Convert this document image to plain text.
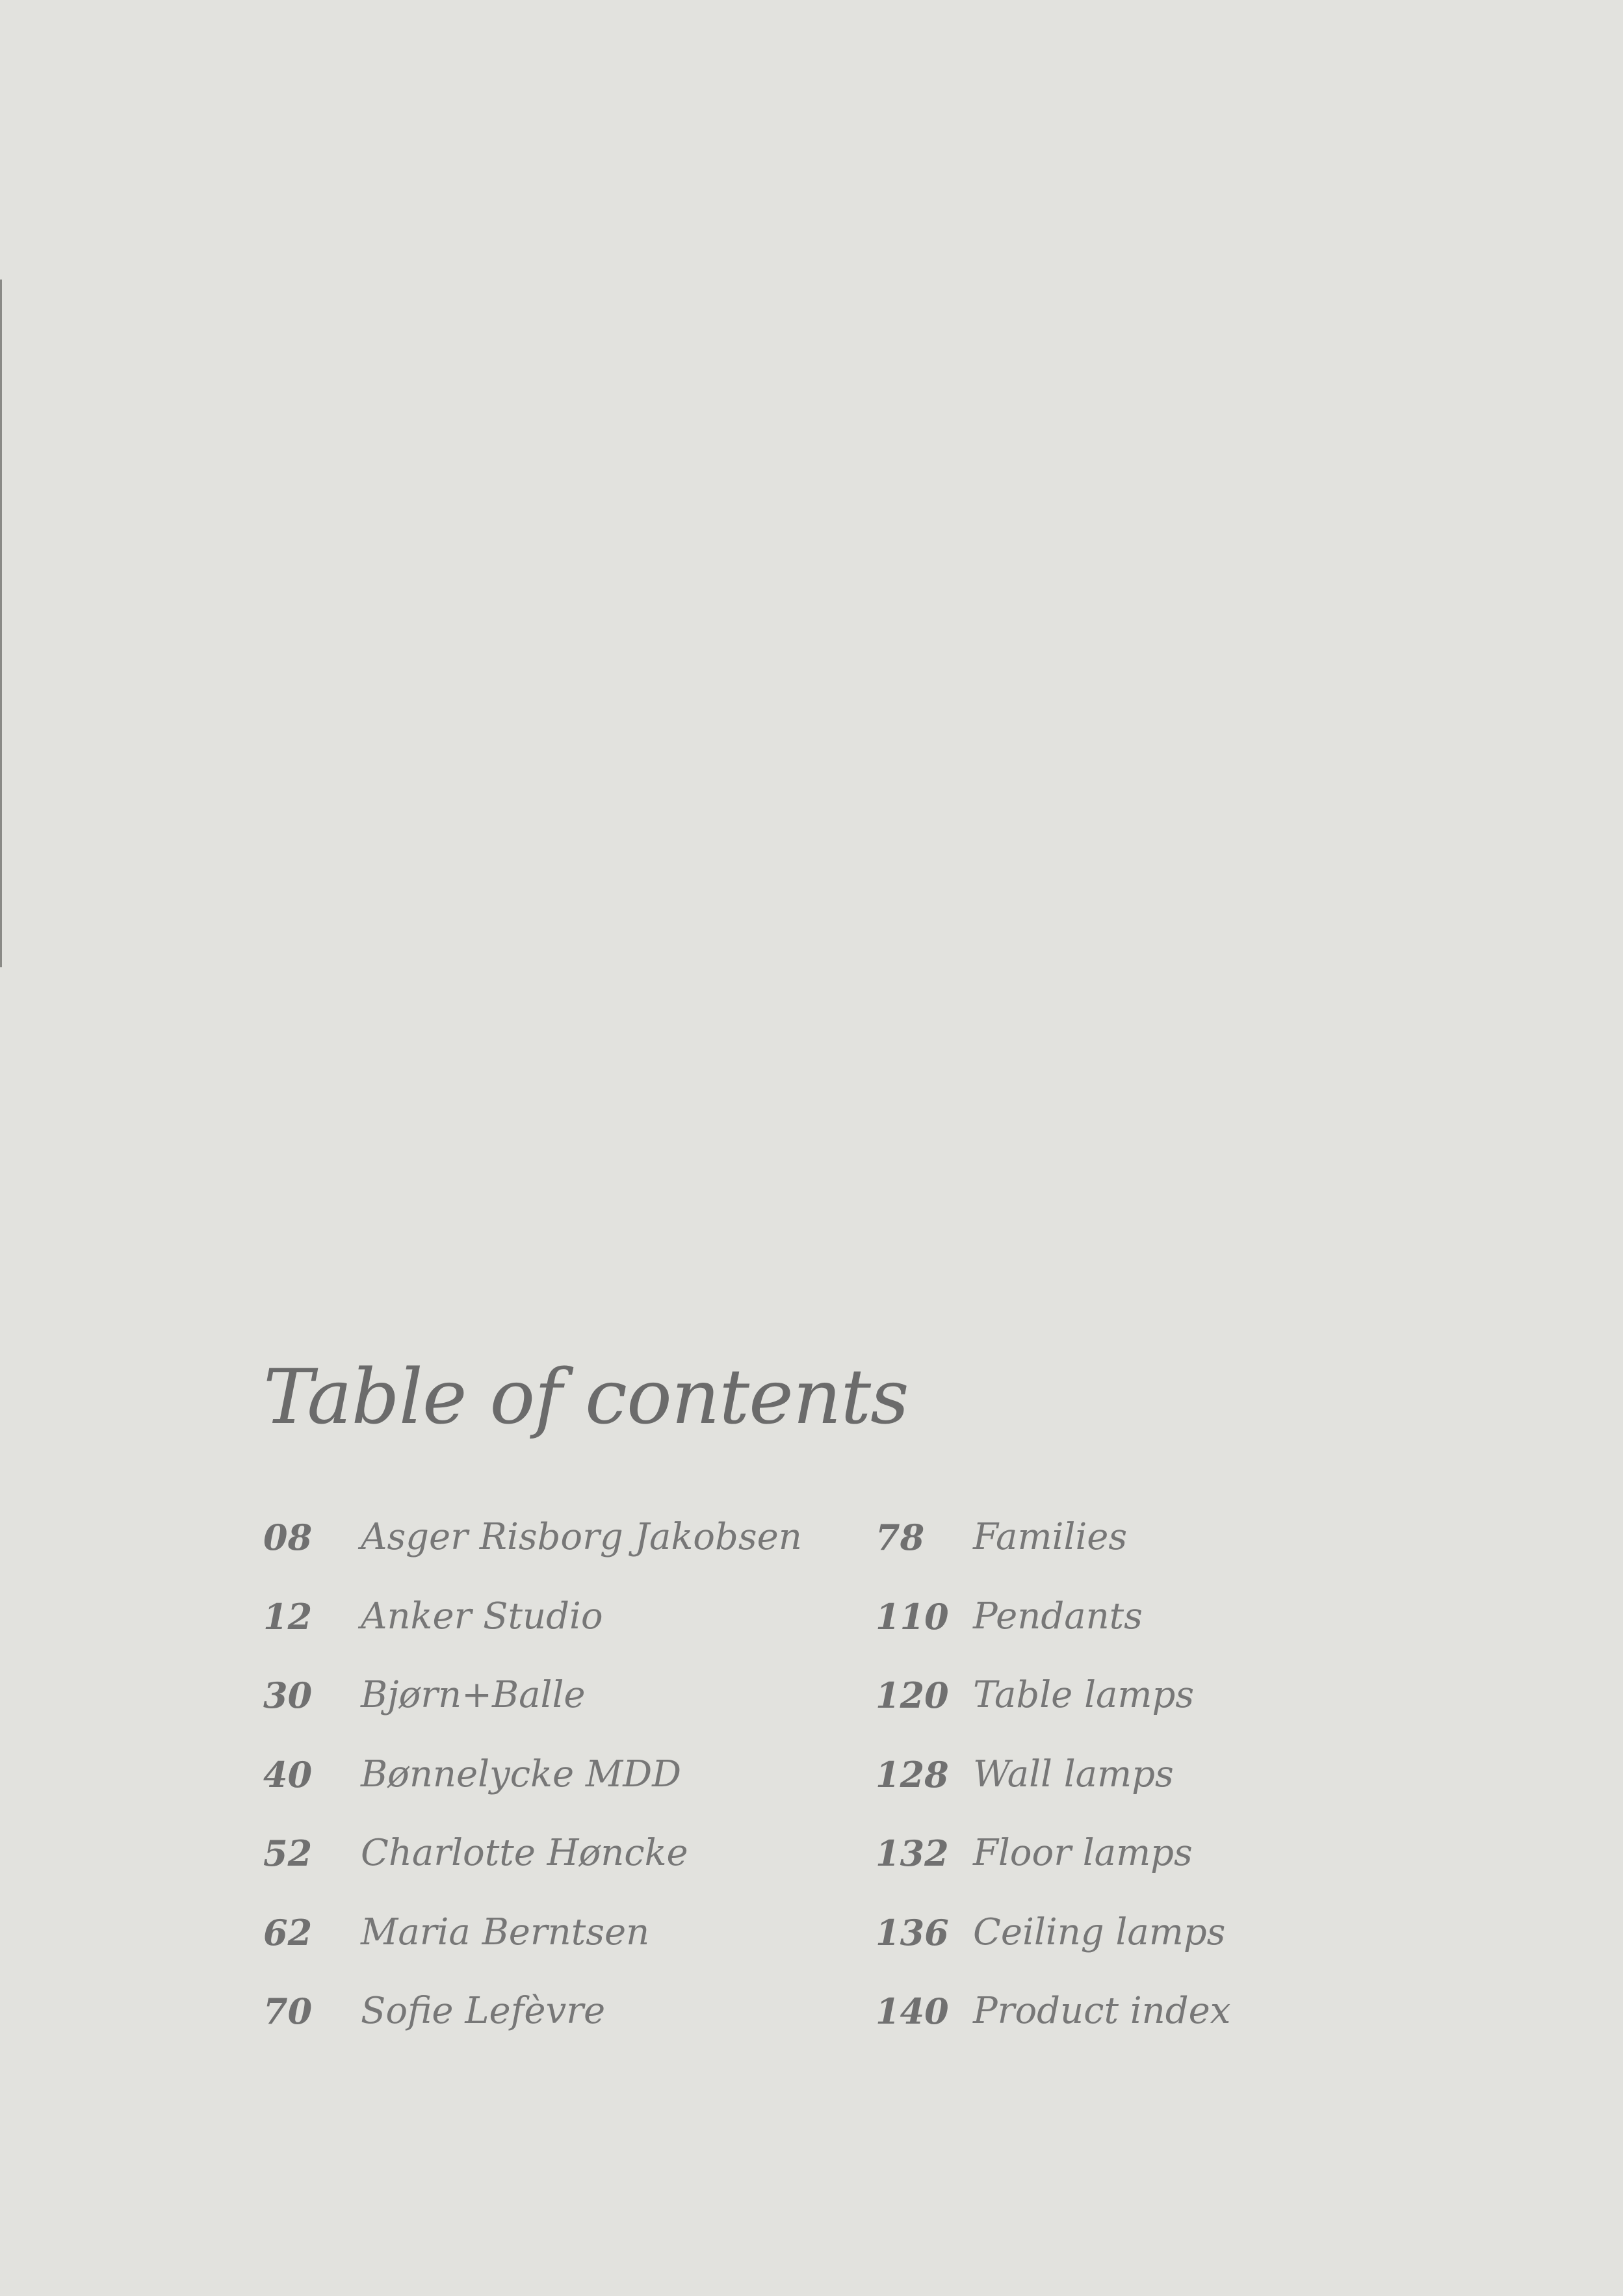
Table of contents
08 Asger Risborg Jakobsen
12 Anker Studio
30 Bjørn+Balle
40 Bønnelycke MDD
52 Charlotte Høncke
62 Maria Berntsen
70 Sofie Lefèvre
78 Families
110 Pendants
120 Table lamps
128 Wall lamps
132 Floor lamps
136 Ceiling lamps
140 Product index
